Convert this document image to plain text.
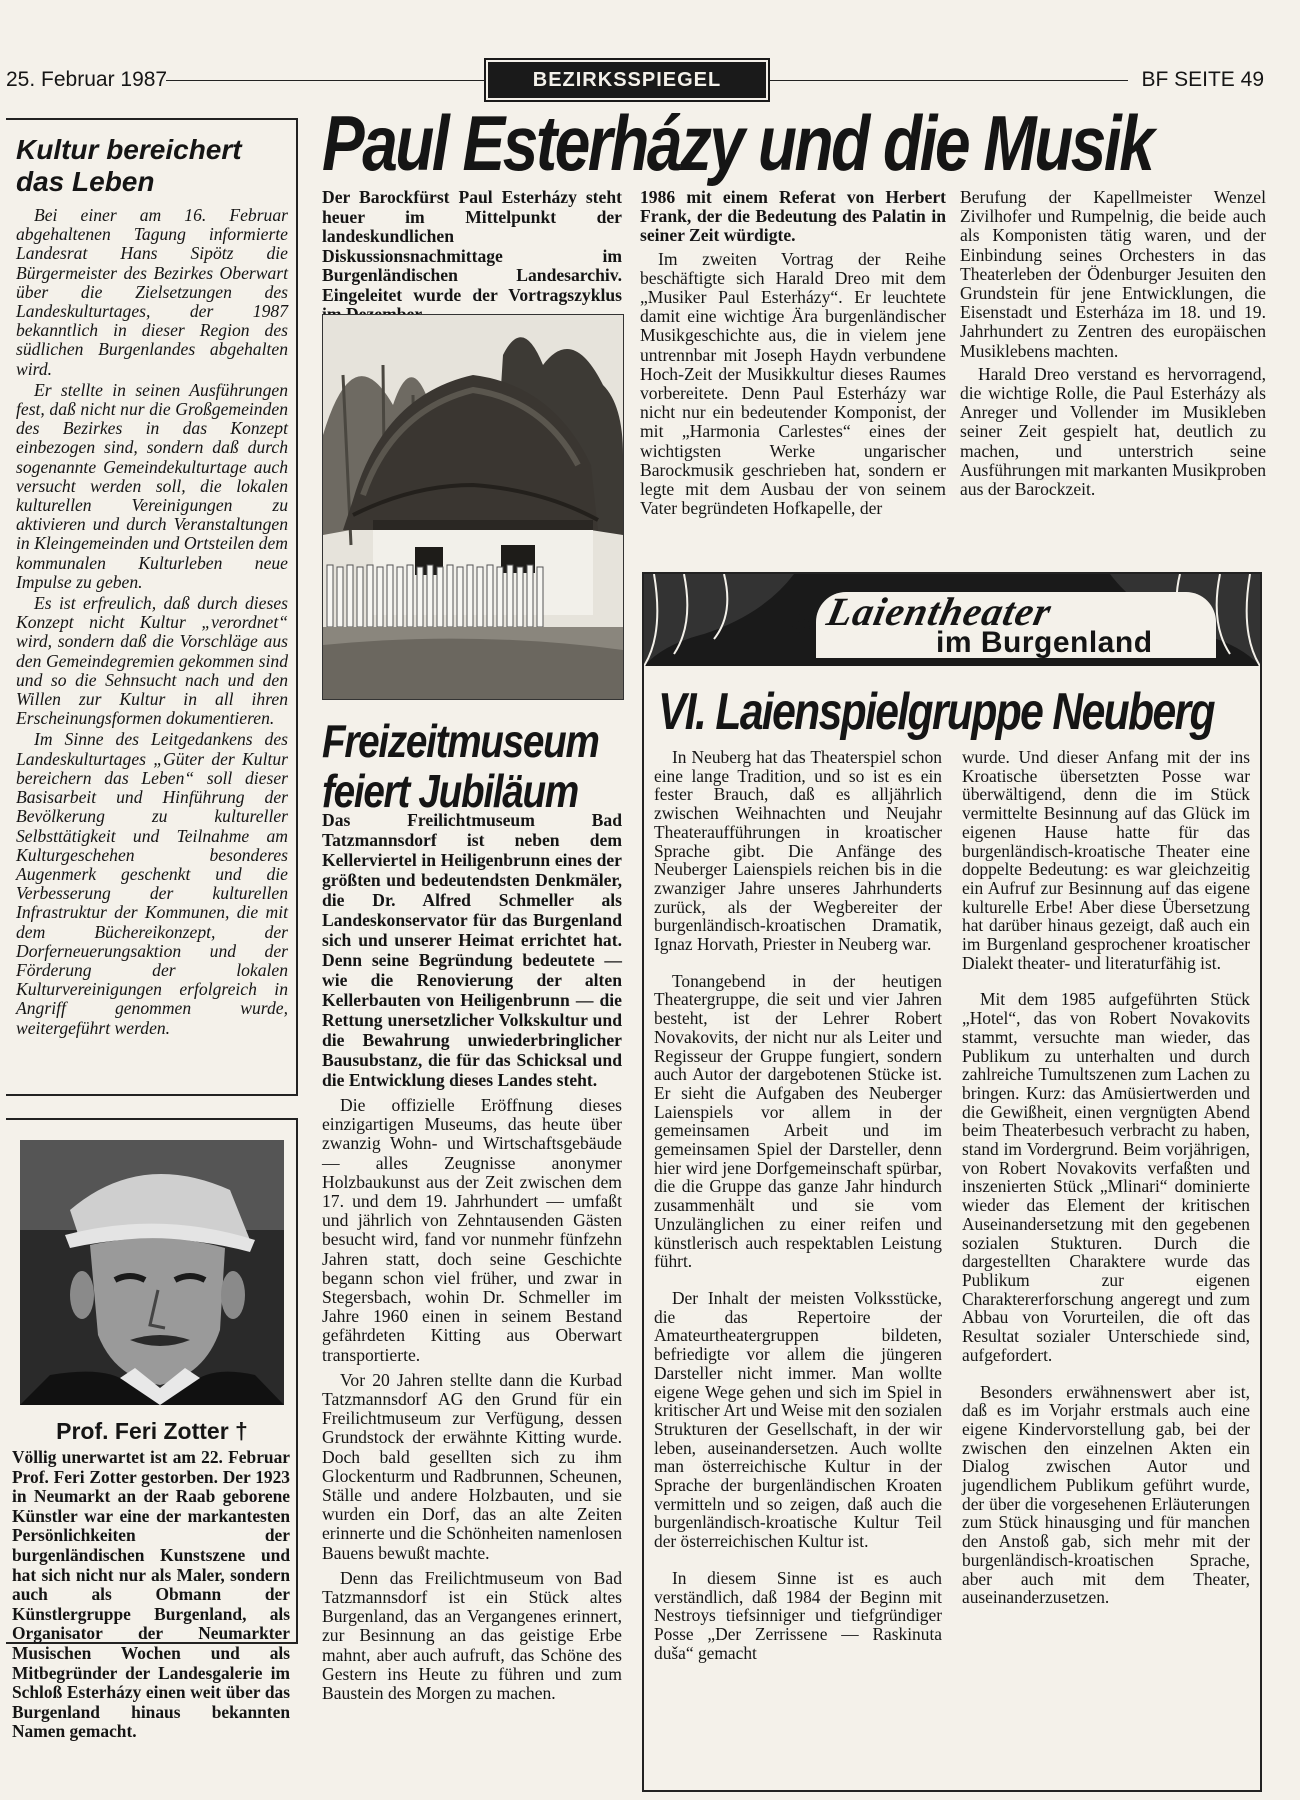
25. Februar 1987	BEZIRKSSPIEGEL	BF SEITE 49
Paul Esterházy und die Musik
Kultur bereichert das Leben

Bei einer am 16. Februar abgehaltenen Tagung informierte Landesrat Hans Sipötz die Bürgermeister des Bezirkes Oberwart über die Zielsetzungen des Landeskulturtages, der 1987 bekanntlich in dieser Region des südlichen Burgenlandes abgehalten wird.

Er stellte in seinen Ausführungen fest, daß nicht nur die Großgemeinden des Bezirkes in das Konzept einbezogen sind, sondern daß durch sogenannte Gemeindekulturtage auch versucht werden soll, die lokalen kulturellen Vereinigungen zu aktivieren und durch Veranstaltungen in Kleingemeinden und Ortsteilen dem kommunalen Kulturleben neue Impulse zu geben.

Es ist erfreulich, daß durch dieses Konzept nicht Kultur „verordnet“ wird, sondern daß die Vorschläge aus den Gemeindegremien gekommen sind und so die Sehnsucht nach und den Willen zur Kultur in all ihren Erscheinungsformen dokumentieren.

Im Sinne des Leitgedankens des Landeskulturtages „Güter der Kultur bereichern das Leben“ soll dieser Basisarbeit und Hinführung der Bevölkerung zu kultureller Selbsttätigkeit und Teilnahme am Kulturgeschehen besonderes Augenmerk geschenkt und die Verbesserung der kulturellen Infrastruktur der Kommunen, die mit dem Büchereikonzept, der Dorferneuerungsaktion und der Förderung der lokalen Kulturvereinigungen erfolgreich in Angriff genommen wurde, weitergeführt werden.

Der Barockfürst Paul Esterházy steht heuer im Mittelpunkt der landeskundlichen Diskussionsnachmittage im Burgenländischen Landesarchiv. Eingeleitet wurde der Vortragszyklus

1986 mit einem Referat von Herbert Frank, der die Bedeutung des Palatin in seiner Zeit würdigte.

Im zweiten Vortrag der Reihe beschäftigte sich Harald Dreo mit dem „Musiker Paul Esterházy“. Er leuchtete damit eine wichtige Ära burgenländischer Musikgeschichte aus, die in vielem jene untrennbar mit Joseph Haydn verbundene Hoch-Zeit der Musikkultur dieses Raumes vorbereitete. Denn Paul Esterházy war nicht nur ein bedeutender Komponist, der mit „Harmonia Carlestes“ eines der wichtigsten Werke ungarischer Barockmusik geschrieben hat, sondern er legte mit dem Ausbau der von seinem Vater begründeten Hofkapelle, der

Berufung der Kapellmeister Wenzel Zivilhofer und Rumpelnig, die beide auch als Komponisten tätig waren, und der Einbindung seines Orchesters in das Theaterleben der Ödenburger Jesuiten den Grundstein für jene Entwicklungen, die Eisenstadt und Esterháza im 18. und 19. Jahrhundert zu Zentren des europäischen Musiklebens machten.

Harald Dreo verstand es hervorragend, die wichtige Rolle, die Paul Esterházy als Anreger und Vollender im Musikleben seiner Zeit gespielt hat, deutlich zu machen, und unterstrich seine Ausführungen mit markanten Musikproben aus der Barockzeit.

Freizeitmuseum feiert Jubiläum

Das Freilichtmuseum Bad Tatzmannsdorf ist neben dem Kellerviertel in Heiligenbrunn eines der größten und bedeutendsten Denkmäler, die Dr. Alfred Schmeller als Landeskonservator für das Burgenland sich und unserer Heimat errichtet hat. Denn seine Begründung bedeutete — wie die Renovierung der alten Kellerbauten von Heiligenbrunn — die Rettung unersetzlicher Volkskultur und die Bewahrung unwiederbringlicher Bausubstanz, die für das Schicksal und die Entwicklung dieses Landes steht.

Die offizielle Eröffnung dieses einzigartigen Museums, das heute über zwanzig Wohn- und Wirtschaftsgebäude — alles Zeugnisse anonymer Holzbaukunst aus der Zeit zwischen dem 17. und dem 19. Jahrhundert — umfaßt und jährlich von Zehntausenden Gästen besucht wird, fand vor nunmehr fünfzehn Jahren statt, doch seine Geschichte begann schon viel früher, und zwar in Stegersbach, wohin Dr. Schmeller im Jahre 1960 einen in seinem Bestand gefährdeten Kitting aus Oberwart transportierte.

Vor 20 Jahren stellte dann die Kurbad Tatzmannsdorf AG den Grund für ein Freilichtmuseum zur Verfügung, dessen Grundstock der erwähnte Kitting wurde. Doch bald gesellten sich zu ihm Glockenturm und Radbrunnen, Scheunen, Ställe und andere Holzbauten, und sie wurden ein Dorf, das an alte Zeiten erinnerte und die Schönheiten namenlosen Bauens bewußt machte.

Denn das Freilichtmuseum von Bad Tatzmannsdorf ist ein Stück altes Burgenland, das an Vergangenes erinnert, zur Besinnung an das geistige Erbe mahnt, aber auch aufruft, das Schöne des Gestern ins Heute zu führen und zum Baustein des Morgen zu machen.

Prof. Feri Zotter †
Völlig unerwartet ist am 22. Februar Prof. Feri Zotter gestorben. Der 1923 in Neumarkt an der Raab geborene Künstler war eine der markantesten Persönlichkeiten der burgenländischen Kunstszene und hat sich nicht nur als Maler, sondern auch als Obmann der Künstlergruppe Burgenland, als Organisator der Neumarkter Musischen Wochen und als Mitbegründer der Landesgalerie im Schloß Esterházy einen weit über das Burgenland hinaus bekannten Namen gemacht.
✻ Laientheater
im Burgenland
VI. Laienspielgruppe Neuberg

In Neuberg hat das Theaterspiel schon eine lange Tradition, und so ist es ein fester Brauch, daß es alljährlich zwischen Weihnachten und Neujahr Theateraufführungen in kroatischer Sprache gibt. Die Anfänge des Neuberger Laienspiels reichen bis in die zwanziger Jahre unseres Jahrhunderts zurück, als der Wegbereiter der burgenländisch-kroatischen Dramatik, Ignaz Horvath, Priester in Neuberg war.

Tonangebend in der heutigen Theatergruppe, die seit und vier Jahren besteht, ist der Lehrer Robert Novakovits, der nicht nur als Leiter und Regisseur der Gruppe fungiert, sondern auch Autor der dargebotenen Stücke ist. Er sieht die Aufgaben des Neuberger Laienspiels vor allem in der gemeinsamen Arbeit und im gemeinsamen Spiel der Darsteller, denn hier wird jene Dorfgemeinschaft spürbar, die die Gruppe das ganze Jahr hindurch zusammenhält und sie vom Unzulänglichen zu einer reifen und künstlerisch auch respektablen Leistung führt.

Der Inhalt der meisten Volksstücke, die das Repertoire der Amateurtheatergruppen bildeten, befriedigte vor allem die jüngeren Darsteller nicht immer. Man wollte eigene Wege gehen und sich im Spiel in kritischer Art und Weise mit den sozialen Strukturen der Gesellschaft, in der wir leben, auseinandersetzen. Auch wollte man österreichische Kultur in der Sprache der burgenländischen Kroaten vermitteln und so zeigen, daß auch die burgenländisch-kroatische Kultur Teil der österreichischen Kultur ist.

In diesem Sinne ist es auch verständlich, daß 1984 der Beginn mit Nestroys tiefsinniger und tiefgründiger Posse „Der Zerrissene — Raskinuta duša“ gemacht

wurde. Und dieser Anfang mit der ins Kroatische übersetzten Posse war überwältigend, denn die im Stück vermittelte Besinnung auf das Glück im eigenen Hause hatte für das burgenländisch-kroatische Theater eine doppelte Bedeutung: es war gleichzeitig ein Aufruf zur Besinnung auf das eigene kulturelle Erbe! Aber diese Übersetzung hat darüber hinaus gezeigt, daß auch ein im Burgenland gesprochener kroatischer Dialekt theater- und literaturfähig ist.

Mit dem 1985 aufgeführten Stück „Hotel“, das von Robert Novakovits stammt, versuchte man wieder, das Publikum zu unterhalten und durch zahlreiche Tumultszenen zum Lachen zu bringen. Kurz: das Amüsiertwerden und die Gewißheit, einen vergnügten Abend beim Theaterbesuch verbracht zu haben, stand im Vordergrund. Beim vorjährigen, von Robert Novakovits verfaßten und inszenierten Stück „Mlinari“ dominierte wieder das Element der kritischen Auseinandersetzung mit den gegebenen sozialen Stukturen. Durch die dargestellten Charaktere wurde das Publikum zur eigenen Charaktererforschung angeregt und zum Abbau von Vorurteilen, die oft das Resultat sozialer Unterschiede sind, aufgefordert.

Besonders erwähnenswert aber ist, daß es im Vorjahr erstmals auch eine eigene Kindervorstellung gab, bei der zwischen den einzelnen Akten ein Dialog zwischen Autor und jugendlichem Publikum geführt wurde, der über die vorgesehenen Erläuterungen zum Stück hinausging und für manchen den Anstoß gab, sich mehr mit der burgenländisch-kroatischen Sprache, aber auch mit dem Theater, auseinanderzusetzen.
